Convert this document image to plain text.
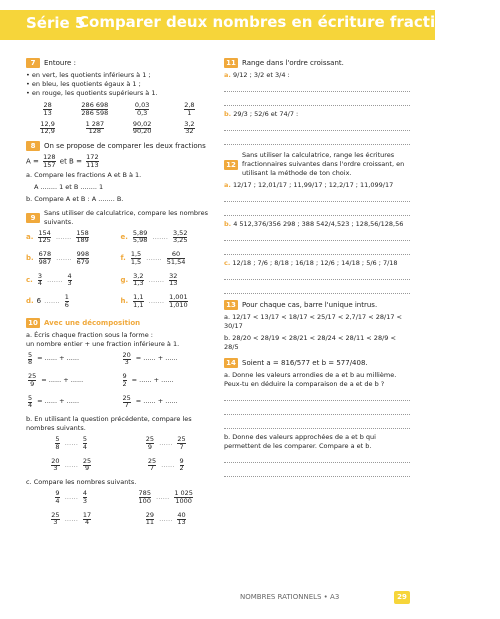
Série 5
Comparer deux nombres en écriture fractionnaire
7	Entoure :
• en vert, les quotients inférieurs à 1 ;
• en bleu, les quotients égaux à 1 ;
• en rouge, les quotients supérieurs à 1.
$\frac{28}{13}$	$\frac{286 698}{286 598}$	$\frac{0,03}{0,3}$	$\frac{2,8}{1}$
$\frac{12,9}{12,9}$	$\frac{1 287}{128}$	$\frac{90,02}{90,20}$	$\frac{3,2}{32}$
8	On se propose de comparer les deux fractions
$A = \frac{128}{157}$ et $B = \frac{172}{113}$
a. Compare les fractions A et B à 1.
A ........ 1 et B ........ 1
b. Compare A et B : A ........ B.
9
Sans utiliser de calculatrice, compare les nombres suivants.
a. $\frac{154}{125}$ ....... $\frac{158}{189}$	e. $\frac{5,89}{5,98}$ ....... $\frac{3,52}{3,25}$
b. $\frac{678}{987}$ ....... $\frac{998}{679}$	f. $\frac{1,5}{1,5}$ ....... $\frac{60}{51,54}$
c. $\frac{3}{4}$ ....... $\frac{4}{3}$	g. $\frac{3,2}{1,3}$ ....... $\frac{32}{13}$
d. 6 ....... $\frac{1}{6}$	h. $\frac{1,1}{1,1}$ ....... $\frac{1,001}{1,010}$
10 Avec une décomposition
a. Écris chaque fraction sous la forme :
un nombre entier + une fraction inférieure à 1.
$\frac{5}{8}$ = ...... + ......	$\frac{20}{3}$ = ...... + ......
$\frac{25}{9}$ = ...... + ......	$\frac{9}{2}$ = ...... + ......
$\frac{5}{4}$ = ...... + ......	$\frac{25}{7}$ = ...... + ......
b. En utilisant la question précédente, compare les nombres suivants.
$\frac{5}{8}$ ...... $\frac{5}{4}$	$\frac{25}{9}$ ...... $\frac{25}{7}$
$\frac{20}{3}$ ...... $\frac{25}{9}$	$\frac{25}{7}$ ...... $\frac{9}{2}$
c. Compare les nombres suivants.
$\frac{9}{4}$ ...... $\frac{4}{3}$	$\frac{785}{100}$ ...... $\frac{1 025}{1000}$
$\frac{25}{3}$ ...... $\frac{17}{4}$	$\frac{29}{11}$ ...... $\frac{40}{13}$
11 Range dans l'ordre croissant.
a. 9/12 ; 3/2 et 3/4 :
b. 29/3 ; 52/6 et 74/7 :
12
Sans utiliser la calculatrice, range les écritures fractionnaires suivantes dans l'ordre croissant, en utilisant la méthode de ton choix.
a. 12/17 ; 12,01/17 ; 11,99/17 ; 12,2/17 ; 11,099/17
b. 4 512,376/356 298 ; 388 542/4,523 ; 128,56/128,56
c. 12/18 ; 7/6 ; 8/18 ; 16/18 ; 12/6 ; 14/18 ; 5/6 ; 7/18
13 Pour chaque cas, barre l'unique intrus.
a. 12/17 < 13/17 < 18/17 < 25/17 < 2,7/17 < 28/17 < 30/17
b. 28/20 < 28/19 < 28/21 < 28/24 < 28/11 < 28/9 < 28/5
14 Soient a = 816/577 et b = 577/408.
a. Donne les valeurs arrondies de a et b au millième. Peux-tu en déduire la comparaison de a et de b ?
b. Donne des valeurs approchées de a et b qui permettent de les comparer. Compare a et b.
NOMBRES RATIONNELS • A3	29
